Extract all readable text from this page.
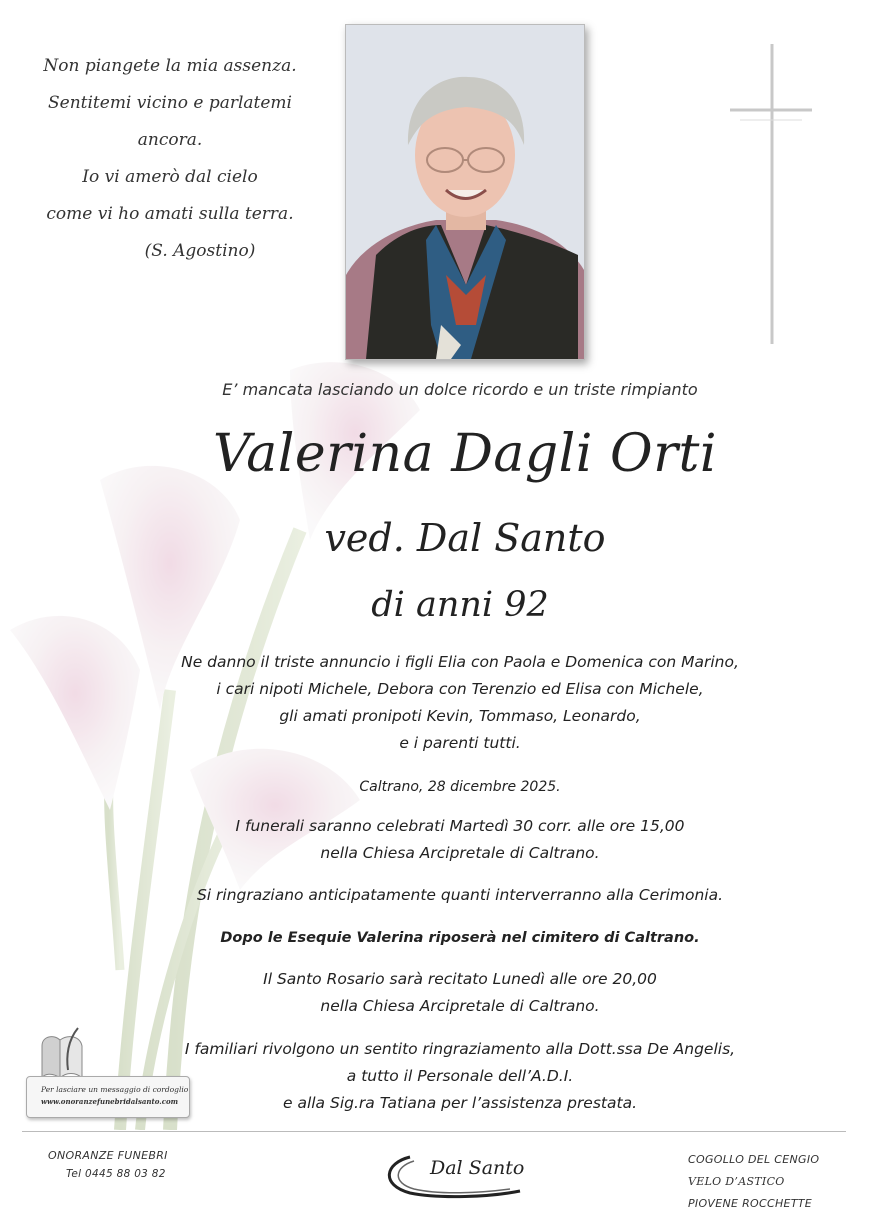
Non piangete la mia assenza.
Sentitemi vicino e parlatemi ancora.
Io vi amerò dal cielo
come vi ho amati sulla terra.
(S. Agostino)
E’ mancata lasciando un dolce ricordo e un triste rimpianto
Valerina Dagli Orti
ved. Dal Santo
di anni 92
Ne danno il triste annuncio i figli Elia con Paola e Domenica con Marino,
i cari nipoti Michele, Debora con Terenzio ed Elisa con Michele,
gli amati pronipoti Kevin, Tommaso, Leonardo,
e i parenti tutti.
Caltrano, 28 dicembre 2025.
I funerali saranno celebrati Martedì 30 corr. alle ore 15,00
nella Chiesa Arcipretale di Caltrano.
Si ringraziano anticipatamente quanti interverranno alla Cerimonia.
Dopo le Esequie Valerina riposerà nel cimitero di Caltrano.
Il Santo Rosario sarà recitato Lunedì alle ore 20,00
nella Chiesa Arcipretale di Caltrano.
I familiari rivolgono un sentito ringraziamento alla Dott.ssa De Angelis,
a tutto il Personale dell’A.D.I.
e alla Sig.ra Tatiana per l’assistenza prestata.
Per lasciare un messaggio di cordoglio
www.onoranzefunebridalsanto.com
ONORANZE FUNEBRI
Tel 0445 88 03 82	Dal Santo	COGOLLO DEL CENGIO
VELO D’ASTICO
PIOVENE ROCCHETTE
